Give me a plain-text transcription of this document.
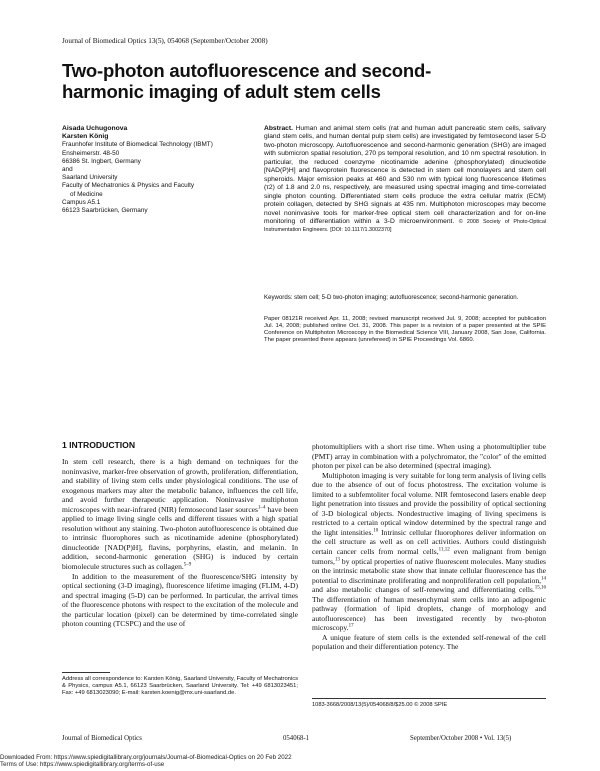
Journal of Biomedical Optics 13(5), 054068 (September/October 2008)
Two-photon autofluorescence and second-harmonic imaging of adult stem cells
Aisada Uchugonova
Karsten König
Fraunhofer Institute of Biomedical Technology (IBMT)
Ensheimerstr. 48-50
66386 St. Ingbert, Germany
and
Saarland University
Faculty of Mechatronics & Physics and Faculty
of Medicine
Campus A5.1
66123 Saarbrücken, Germany
Abstract. Human and animal stem cells (rat and human adult pancreatic stem cells, salivary gland stem cells, and human dental pulp stem cells) are investigated by femtosecond laser 5-D two-photon microscopy. Autofluorescence and second-harmonic generation (SHG) are imaged with submicron spatial resolution, 270 ps temporal resolution, and 10 nm spectral resolution. In particular, the reduced coenzyme nicotinamide adenine (phosphorylated) dinucleotide [NAD(P)H] and flavoprotein fluorescence is detected in stem cell monolayers and stem cell spheroids. Major emission peaks at 460 and 530 nm with typical long fluorescence lifetimes (τ2) of 1.8 and 2.0 ns, respectively, are measured using spectral imaging and time-correlated single photon counting. Differentiated stem cells produce the extra cellular matrix (ECM) protein collagen, detected by SHG signals at 435 nm. Multiphoton microscopes may become novel noninvasive tools for marker-free optical stem cell characterization and for on-line monitoring of differentiation within a 3-D microenvironment. © 2008 Society of Photo-Optical Instrumentation Engineers. [DOI: 10.1117/1.3002370]
Keywords: stem cell; 5-D two-photon imaging; autofluorescence; second-harmonic generation.
Paper 08121R received Apr. 11, 2008; revised manuscript received Jul. 9, 2008; accepted for publication Jul. 14, 2008; published online Oct. 31, 2008. This paper is a revision of a paper presented at the SPIE Conference on Multiphoton Microscopy in the Biomedical Science VIII, January 2008, San Jose, California. The paper presented there appears (unrefereed) in SPIE Proceedings Vol. 6860.
1 INTRODUCTION

In stem cell research, there is a high demand on techniques for the noninvasive, marker-free observation of growth, proliferation, differentiation, and stability of living stem cells under physiological conditions. The use of exogenous markers may alter the metabolic balance, influences the cell life, and avoid further therapeutic application. Noninvasive multiphoton microscopes with near-infrared (NIR) femtosecond laser sources$^{1-4}$ have been applied to image living single cells and different tissues with a high spatial resolution without any staining. Two-photon autofluorescence is obtained due to intrinsic fluorophores such as nicotinamide adenine (phosphorylated) dinucleotide [NAD(P)H], flavins, porphyrins, elastin, and melanin. In addition, second-harmonic generation (SHG) is induced by certain biomolecule structures such as collagen.$^{5-9}$

In addition to the measurement of the fluorescence/SHG intensity by optical sectioning (3-D imaging), fluorescence lifetime imaging (FLIM, 4-D) and spectral imaging (5-D) can be performed. In particular, the arrival times of the fluorescence photons with respect to the excitation of the molecule and the particular location (pixel) can be determined by time-correlated single photon counting (TCSPC) and the use of

photomultipliers with a short rise time. When using a photomultiplier tube (PMT) array in combination with a polychromator, the "color" of the emitted photon per pixel can be also determined (spectral imaging).

Multiphoton imaging is very suitable for long term analysis of living cells due to the absence of out of focus photostress. The excitation volume is limited to a subfemtoliter focal volume. NIR femtosecond lasers enable deep light penetration into tissues and provide the possibility of optical sectioning of 3-D biological objects. Nondestructive imaging of living specimens is restricted to a certain optical window determined by the spectral range and the light intensities.$^{10}$ Intrinsic cellular fluorophores deliver information on the cell structure as well as on cell activities. Authors could distinguish certain cancer cells from normal cells,$^{11,12}$ even malignant from benign tumors,$^{13}$ by optical properties of native fluorescent molecules. Many studies on the intrinsic metabolic state show that innate cellular fluorescence has the potential to discriminate proliferating and nonproliferation cell population,$^{14}$ and also metabolic changes of self-renewing and differentiating cells.$^{15,16}$ The differentiation of human mesenchymal stem cells into an adipogenic pathway (formation of lipid droplets, change of morphology and autofluorescence) has been investigated recently by two-photon microscopy.$^{17}$

A unique feature of stem cells is the extended self-renewal of the cell population and their differentiation potency. The

Address all correspondence to: Karsten König, Saarland University, Faculty of Mechatronics & Physics, campus A5.1, 66123 Saarbrücken, Saarland University. Tel: +49 6813023451; Fax: +49 6813023090; E-mail: karsten.koenig@mx.uni-saarland.de.
1083-3668/2008/13(5)/054068/8/$25.00 © 2008 SPIE
Journal of Biomedical Optics	054068-1	September/October 2008 • Vol. 13(5)
Downloaded From: https://www.spiedigitallibrary.org/journals/Journal-of-Biomedical-Optics on 20 Feb 2022
Terms of Use: https://www.spiedigitallibrary.org/terms-of-use
